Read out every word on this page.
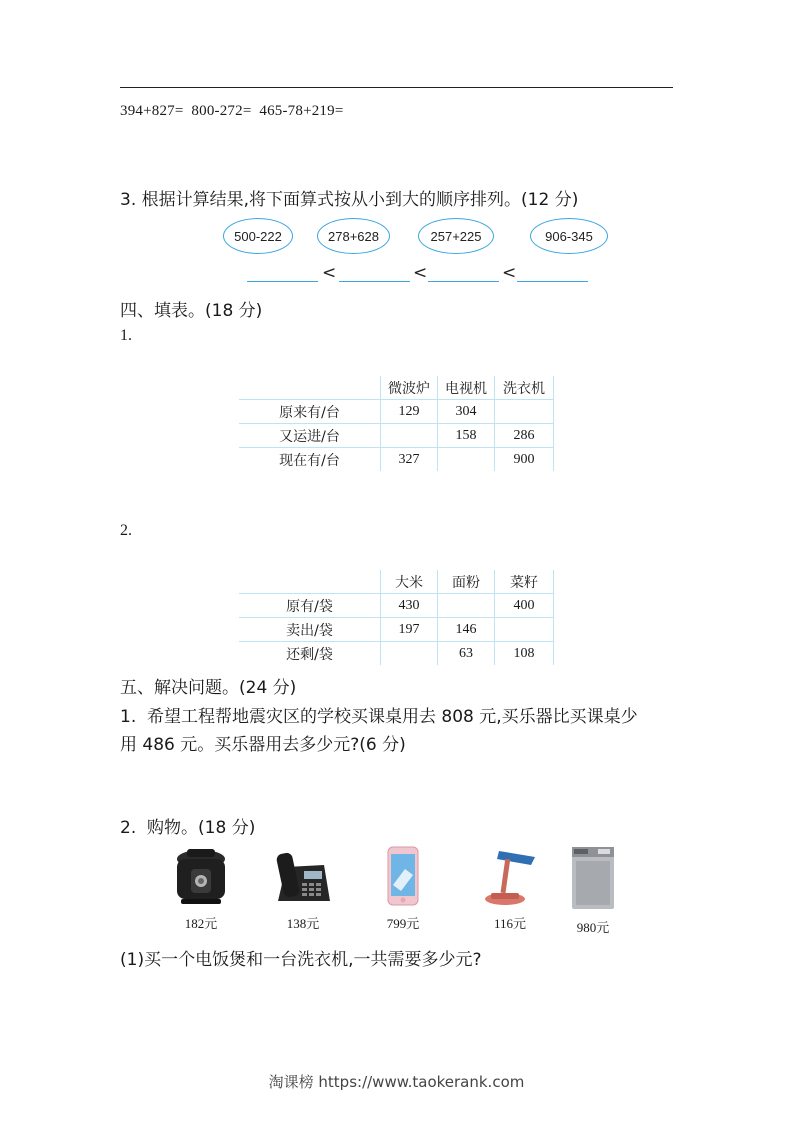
394+827=  800-272=  465-78+219=
3. 根据计算结果,将下面算式按从小到大的顺序排列。(12 分)
500-222	278+628	257+225	906-345
<	<	<
四、填表。(18 分)
1.
	微波炉	电视机	洗衣机
原来有/台	129	304	
又运进/台		158	286
现在有/台	327		900
2.
	大米	面粉	菜籽
原有/袋	430		400
卖出/袋	197	146	
还剩/袋		63	108
五、解决问题。(24 分)
1.  希望工程帮地震灾区的学校买课桌用去 808 元,买乐器比买课桌少
用 486 元。买乐器用去多少元?(6 分)
2.  购物。(18 分)
182元	138元	799元	116元	980元
(1)买一个电饭煲和一台洗衣机,一共需要多少元?
淘课榜 https://www.taokerank.com
